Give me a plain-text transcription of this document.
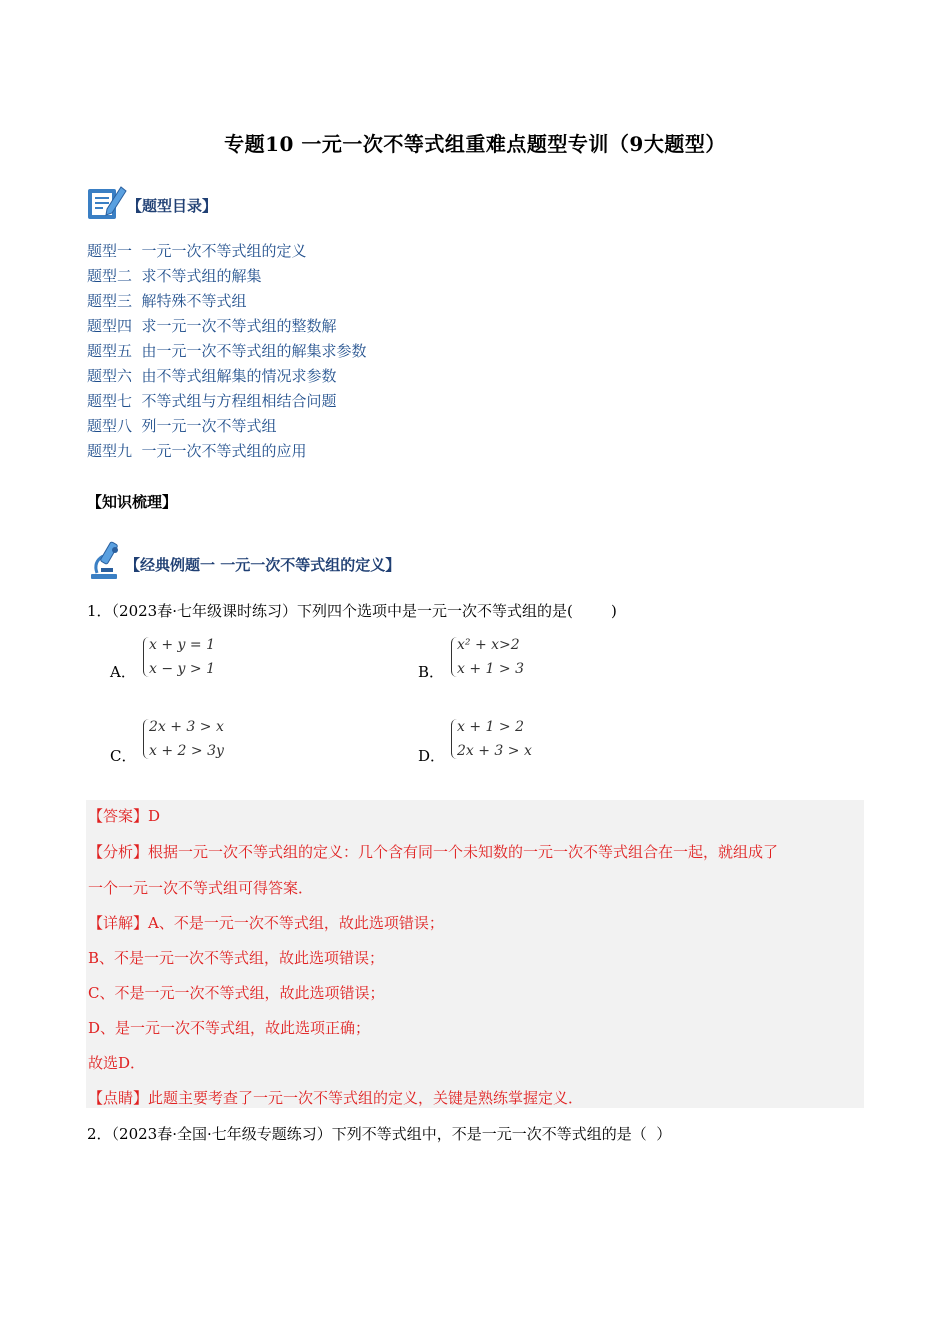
专题10 一元一次不等式组重难点题型专训（9大题型）
【题型目录】
题型一  一元一次不等式组的定义
题型二  求不等式组的解集
题型三  解特殊不等式组
题型四  求一元一次不等式组的整数解
题型五  由一元一次不等式组的解集求参数
题型六  由不等式组解集的情况求参数
题型七  不等式组与方程组相结合问题
题型八  列一元一次不等式组
题型九  一元一次不等式组的应用
【知识梳理】
【经典例题一 一元一次不等式组的定义】
1．（2023春·七年级课时练习）下列四个选项中是一元一次不等式组的是(        )
A．
x + y = 1
x − y > 1	B．
x² + x>2
x + 1 > 3
C．
2x + 3 > x
x + 2 > 3y	D．
x + 1 > 2
2x + 3 > x
【答案】D
【分析】根据一元一次不等式组的定义：几个含有同一个未知数的一元一次不等式组合在一起，就组成了
一个一元一次不等式组可得答案．
【详解】A、不是一元一次不等式组，故此选项错误；
B、不是一元一次不等式组，故此选项错误；
C、不是一元一次不等式组，故此选项错误；
D、是一元一次不等式组，故此选项正确；
故选D．
【点睛】此题主要考查了一元一次不等式组的定义，关键是熟练掌握定义．
2．（2023春·全国·七年级专题练习）下列不等式组中，不是一元一次不等式组的是（  ）
